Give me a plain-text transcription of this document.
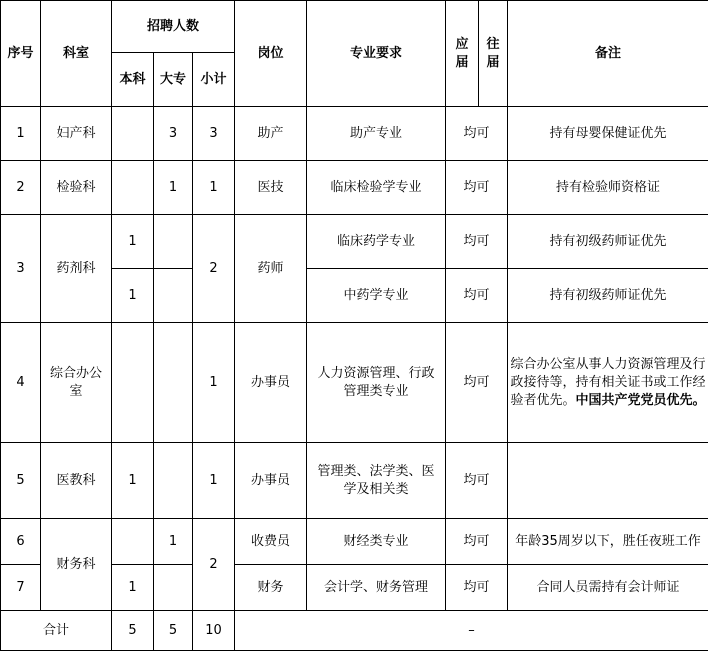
序号	科室	招聘人数			岗位	专业要求	应届	往届	备注
		本科	大专	小计					
1	妇产科		3	3	助产	助产专业	均可		持有母婴保健证优先
2	检验科		1	1	医技	临床检验学专业	均可		持有检验师资格证
3	药剂科	1		2	药师	临床药学专业	均可		持有初级药师证优先
		1				中药学专业	均可		持有初级药师证优先
4	综合办公室			1	办事员	人力资源管理、行政管理类专业	均可		综合办公室从事人力资源管理及行政接待等，持有相关证书或工作经验者优先。中国共产党党员优先。
5	医教科	1		1	办事员	管理类、法学类、医学及相关类	均可		
6	财务科		1	2	收费员	财经类专业	均可		年龄35周岁以下，胜任夜班工作
7		1			财务	会计学、财务管理	均可		合同人员需持有会计师证
合计		5	5	10	–				
